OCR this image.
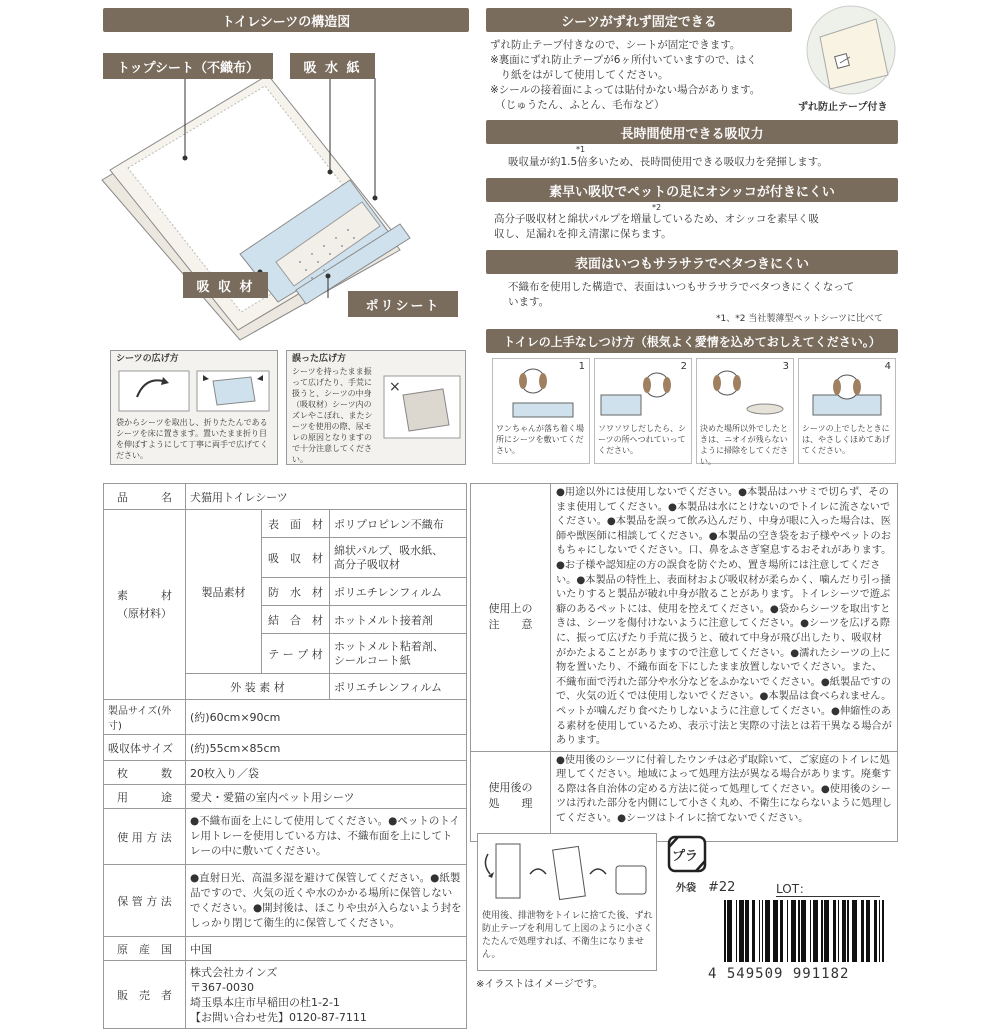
トイレシーツの構造図
トップシート（不織布）	吸 水 紙
吸 収 材
ポリシート
シーツの広げ方
袋からシーツを取出し、折りたたんであるシーツを床に置きます。置いたまま折り目を伸ばすようにして丁寧に両手で広げてください。
誤った広げ方
シーツを持ったまま振って広げたり、手荒に扱うと、シーツの中身（吸収材）シーツ内のズレやこぼれ、またシーツを使用の際、尿モレの原因となりますので十分注意してください。
×
シーツがずれず固定できる
ずれ防止テープ付きなので、シートが固定できます。
※裏面にずれ防止テープが6ヶ所付いていますので、はく
　り紙をはがして使用してください。
※シールの接着面によっては貼付かない場合があります。
　（じゅうたん、ふとん、毛布など）	ずれ防止テープ付き
長時間使用できる吸収力
*1
吸収量が約1.5倍多いため、長時間使用できる吸収力を発揮します。
素早い吸収でペットの足にオシッコが付きにくい
*2
高分子吸収材と綿状パルプを増量しているため、オシッコを素早く吸
収し、足漏れを抑え清潔に保ちます。
表面はいつもサラサラでベタつきにくい
不織布を使用した構造で、表面はいつもサラサラでベタつきにくくなって
います。
*1、*2 当社製薄型ペットシーツに比べて
トイレの上手なしつけ方（根気よく愛情を込めておしえてください。）
1
ワンちゃんが落ち着く場所にシーツを敷いてください。
2
ソワソワしだしたら、シーツの所へつれていってください。
3
決めた場所以外でしたときは、ニオイが残らないように掃除をしてください。
4
シーツの上でしたときには、やさしくほめてあげてください。
品　　　名	犬猫用トイレシーツ		
素　　　材
（原材料）	製品素材	表　面　材	ポリプロピレン不織布
		吸　収　材	綿状パルプ、吸水紙、
高分子吸収材
		防　水　材	ポリエチレンフィルム
		結　合　材	ホットメルト接着剤
		テ ー プ 材	ホットメルト粘着剤、
シールコート紙
	外 装 素 材		ポリエチレンフィルム
製品サイズ(外寸)	(約)60cm×90cm		
吸収体サイズ	(約)55cm×85cm		
枚　　　数	20枚入り／袋		
用　　　途	愛犬・愛猫の室内ペット用シーツ		
使 用 方 法	●不織布面を上にして使用してください。●ペットのトイレ用トレーを使用している方は、不織布面を上にしてトレーの中に敷いてください。		
保 管 方 法	●直射日光、高温多湿を避けて保管してください。●紙製品ですので、火気の近くや水のかかる場所に保管しないでください。●開封後は、ほこりや虫が入らないよう封をしっかり閉じて衛生的に保管してください。		
原　産　国	中国		
販　売　者	株式会社カインズ
〒367-0030
埼玉県本庄市早稲田の杜1-2-1
【お問い合わせ先】0120-87-7111		
使用上の
注　　意	●用途以外には使用しないでください。●本製品はハサミで切らず、そのまま使用してください。●本製品は水にとけないのでトイレに流さないでください。●本製品を誤って飲み込んだり、中身が眼に入った場合は、医師や獣医師に相談してください。●本製品の空き袋をお子様やペットのおもちゃにしないでください。口、鼻をふさぎ窒息するおそれがあります。●お子様や認知症の方の誤食を防ぐため、置き場所には注意してください。●本製品の特性上、表面材および吸収材が柔らかく、噛んだり引っ掻いたりすると製品が破れ中身が散ることがあります。トイレシーツで遊ぶ癖のあるペットには、使用を控えてください。●袋からシーツを取出すときは、シーツを傷付けないように注意してください。●シーツを広げる際に、振って広げたり手荒に扱うと、破れて中身が飛び出したり、吸収材がかたよることがありますので注意してください。●濡れたシーツの上に物を置いたり、不織布面を下にしたまま放置しないでください。また、不織布面で汚れた部分や水分などをふかないでください。●紙製品ですので、火気の近くでは使用しないでください。●本製品は食べられません。ペットが噛んだり食べたりしないように注意してください。●伸縮性のある素材を使用しているため、表示寸法と実際の寸法とは若干異なる場合があります。
使用後の
処　　理	●使用後のシーツに付着したウンチは必ず取除いて、ご家庭のトイレに処理してください。地域によって処理方法が異なる場合があります。廃棄する際は各自治体の定める方法に従って処理してください。●使用後のシーツは汚れた部分を内側にして小さく丸め、不衛生にならないように処理してください。●シーツはトイレに捨てないでください。
使用後、排泄物をトイレに捨てた後、ずれ防止テープを利用して上図のように小さくたたんで処理すれば、不衛生になりません。
※イラストはイメージです。
プラ
外袋 #22	LOT：
4 549509 991182
